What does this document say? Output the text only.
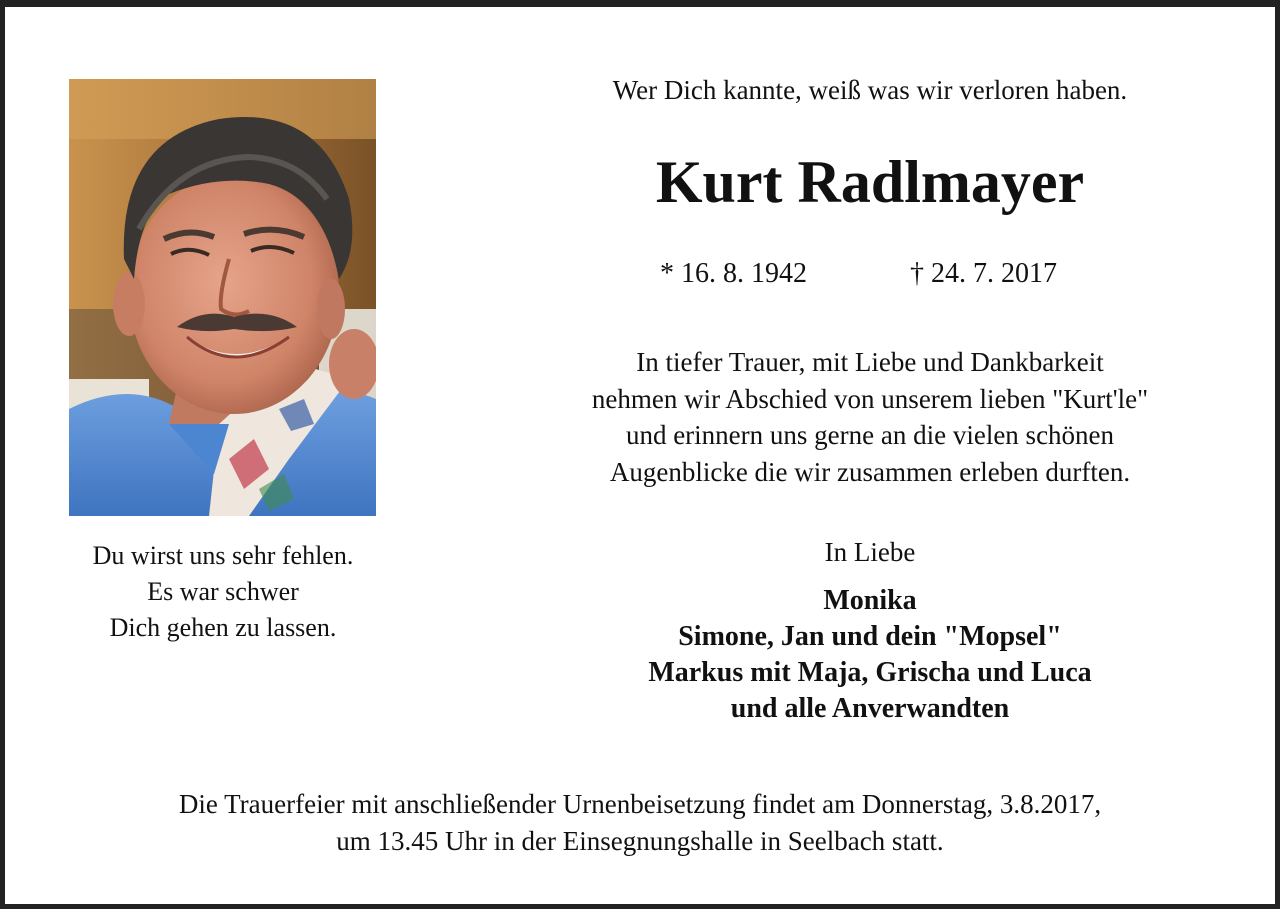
Du wirst uns sehr fehlen.
Es war schwer
Dich gehen zu lassen.
Wer Dich kannte, weiß was wir verloren haben.
Kurt Radlmayer
* 16. 8. 1942	† 24. 7. 2017
In tiefer Trauer, mit Liebe und Dankbarkeit
nehmen wir Abschied von unserem lieben "Kurt'le"
und erinnern uns gerne an die vielen schönen
Augenblicke die wir zusammen erleben durften.
In Liebe
Monika
Simone, Jan und dein "Mopsel"
Markus mit Maja, Grischa und Luca
und alle Anverwandten
Die Trauerfeier mit anschließender Urnenbeisetzung findet am Donnerstag, 3.8.2017,
um 13.45 Uhr in der Einsegnungshalle in Seelbach statt.
